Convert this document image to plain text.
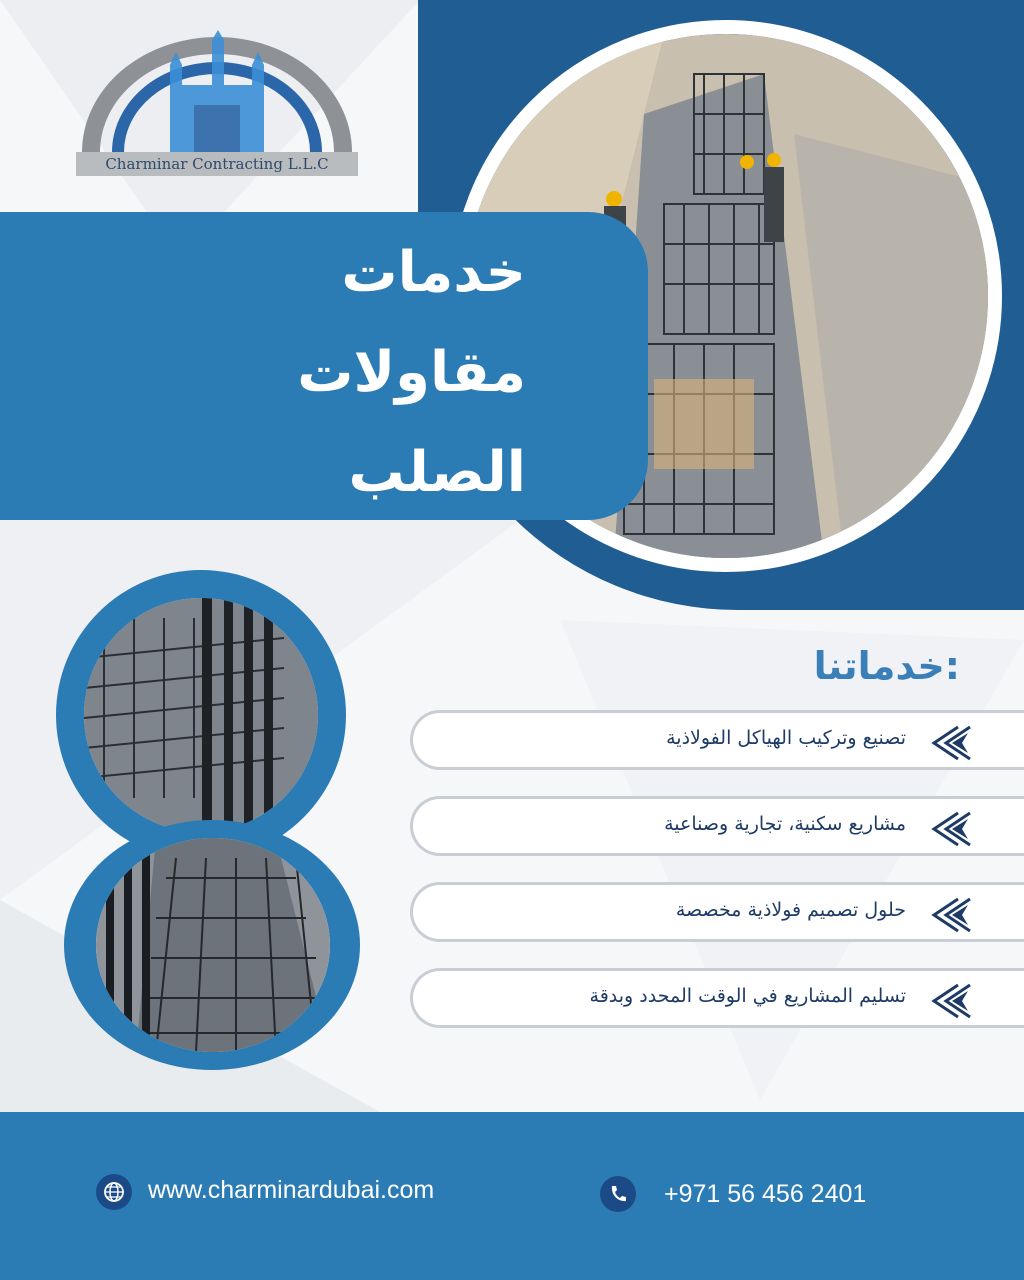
Charminar Contracting L.L.C
خدمات
مقاولات
الصلب
خدماتنا:
تصنيع وتركيب الهياكل الفولاذية
مشاريع سكنية، تجارية وصناعية
حلول تصميم فولاذية مخصصة
تسليم المشاريع في الوقت المحدد وبدقة
www.charminardubai.com	+971 56 456 2401
